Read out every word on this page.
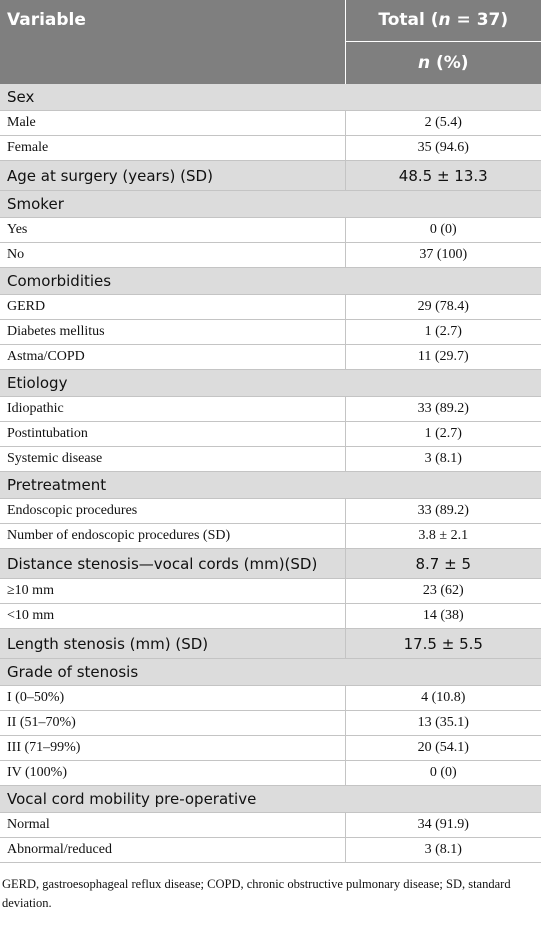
Variable	Total (n = 37)
	n (%)
Sex	
Male	2 (5.4)
Female	35 (94.6)
Age at surgery (years) (SD)	48.5 ± 13.3
Smoker	
Yes	0 (0)
No	37 (100)
Comorbidities	
GERD	29 (78.4)
Diabetes mellitus	1 (2.7)
Astma/COPD	11 (29.7)
Etiology	
Idiopathic	33 (89.2)
Postintubation	1 (2.7)
Systemic disease	3 (8.1)
Pretreatment	
Endoscopic procedures	33 (89.2)
Number of endoscopic procedures (SD)	3.8 ± 2.1
Distance stenosis—vocal cords (mm)(SD)	8.7 ± 5
≥10 mm	23 (62)
<10 mm	14 (38)
Length stenosis (mm) (SD)	17.5 ± 5.5
Grade of stenosis	
I (0–50%)	4 (10.8)
II (51–70%)	13 (35.1)
III (71–99%)	20 (54.1)
IV (100%)	0 (0)
Vocal cord mobility pre-operative	
Normal	34 (91.9)
Abnormal/reduced	3 (8.1)
GERD, gastroesophageal reflux disease; COPD, chronic obstructive pulmonary disease; SD, standard deviation.
